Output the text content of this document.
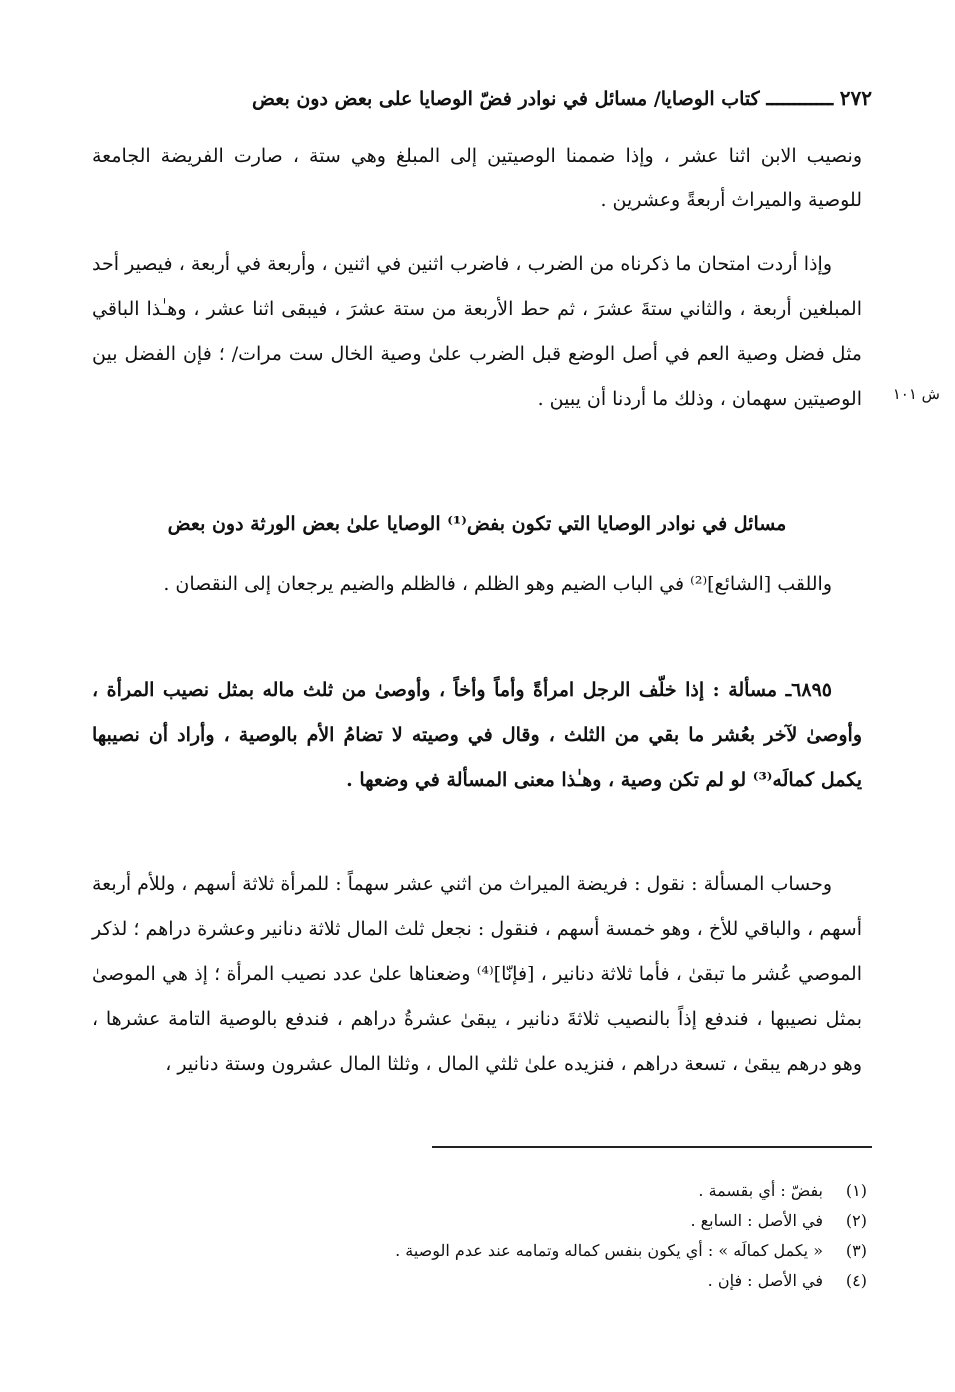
٢٧٢ ــــــــــــ كتاب الوصايا/ مسائل في نوادر فضّ الوصايا على بعضٍ دون بعض

ونصيب الابن اثنا عشر ، وإذا ضممنا الوصيتين إلى المبلغ وهي ستة ، صارت الفريضة الجامعة للوصية والميراث أربعةً وعشرين .

وإذا أردت امتحان ما ذكرناه من الضرب ، فاضرب اثنين في اثنين ، وأربعة في أربعة ، فيصير أحد المبلغين أربعة ، والثاني ستةَ عشرَ ، ثم حط الأربعة من ستة عشرَ ، فيبقى اثنا عشر ، وهـٰذا الباقي مثل فضل وصية العم في أصل الوضع قبل الضرب علىٰ وصية الخال ست مرات/ ؛ فإن الفضل بين الوصيتين سهمان ، وذلك ما أردنا أن يبين .	ش ١٠١

مسائل في نوادر الوصايا التي تكون بفض⁽¹⁾ الوصايا علىٰ بعض الورثة دون بعض

واللقب [الشائع]⁽²⁾ في الباب الضيم وهو الظلم ، فالظلم والضيم يرجعان إلى النقصان .

٦٨٩٥ـ مسألة : إذا خلّف الرجل امرأةً وأماً وأخاً ، وأوصىٰ من ثلث ماله بمثل نصيب المرأة ، وأوصىٰ لآخر بعُشر ما بقي من الثلث ، وقال في وصيته لا تضامُ الأم بالوصية ، وأراد أن نصيبها يكمل كمالَه⁽³⁾ لو لم تكن وصية ، وهـٰذا معنى المسألة في وضعها .

وحساب المسألة : نقول : فريضة الميراث من اثني عشر سهماً : للمرأة ثلاثة أسهم ، وللأم أربعة أسهم ، والباقي للأخ ، وهو خمسة أسهم ، فنقول : نجعل ثلث المال ثلاثة دنانير وعشرة دراهم ؛ لذكر الموصي عُشر ما تبقىٰ ، فأما ثلاثة دنانير ، [فإنّا]⁽⁴⁾ وضعناها علىٰ عدد نصيب المرأة ؛ إذ هي الموصىٰ بمثل نصيبها ، فندفع إذاً بالنصيب ثلاثةَ دنانير ، يبقىٰ عشرةُ دراهم ، فندفع بالوصية التامة عشرها ، وهو درهم يبقىٰ ، تسعة دراهم ، فنزيده علىٰ ثلثي المال ، وثلثا المال عشرون وستة دنانير ،

(١)
بفضّ : أي بقسمة .
(٢)
في الأصل : السابع .
(٣)
« يكمل كمالَه » : أي يكون بنفس كماله وتمامه عند عدم الوصية .
(٤)
في الأصل : فإن .
